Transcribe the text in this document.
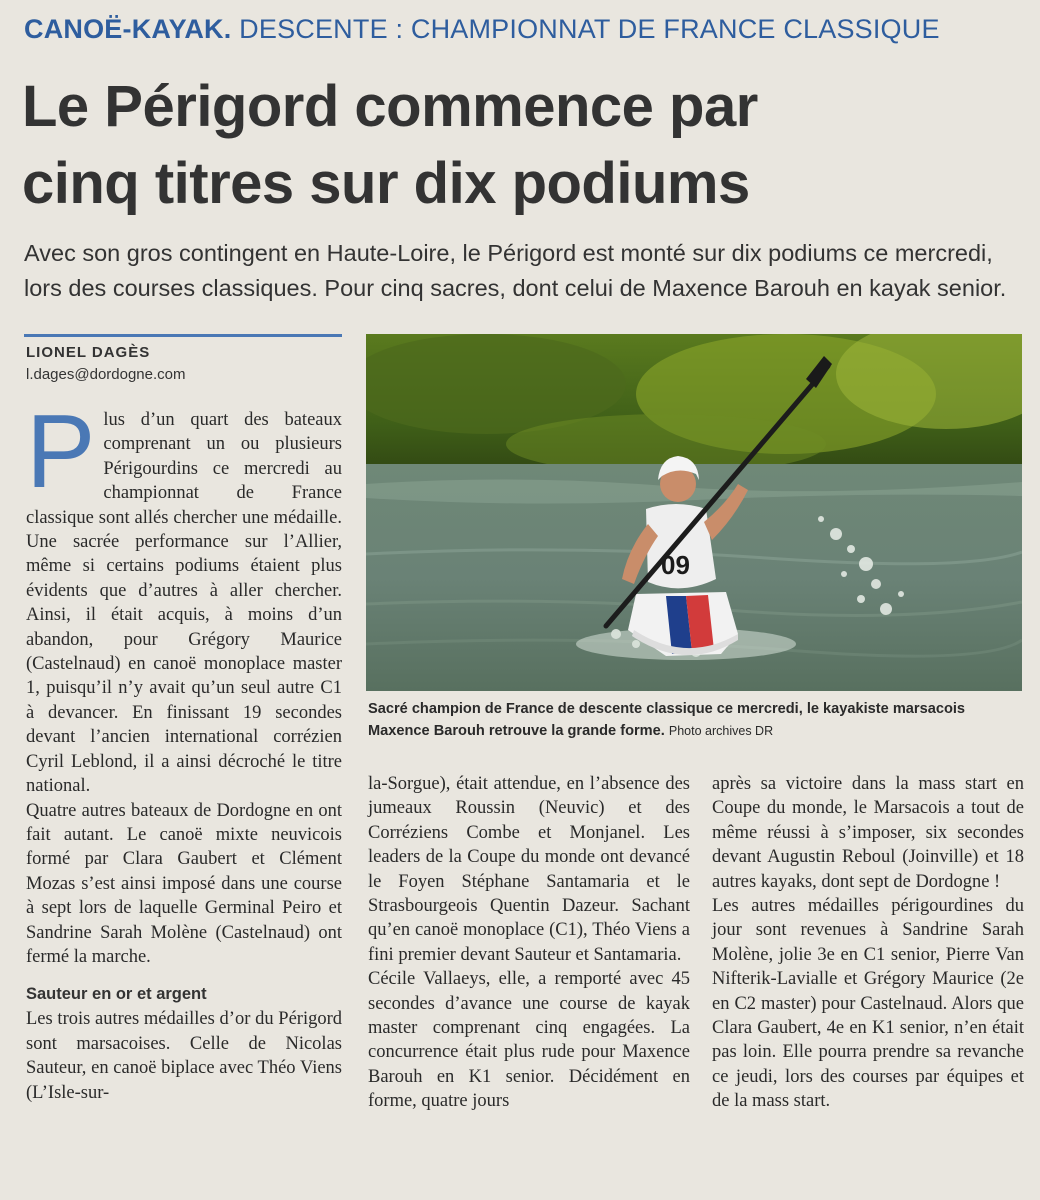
CANOË-KAYAK. DESCENTE : CHAMPIONNAT DE FRANCE CLASSIQUE
Le Périgord commence par
cinq titres sur dix podiums
Avec son gros contingent en Haute-Loire, le Périgord est monté sur dix podiums ce mercredi, lors des courses classiques. Pour cinq sacres, dont celui de Maxence Barouh en kayak senior.
LIONEL DAGÈS
l.dages@dordogne.com
P lus d’un quart des bateaux comprenant un ou plusieurs Périgourdins ce mercredi au championnat de France classique sont allés chercher une médaille. Une sacrée performance sur l’Allier, même si certains podiums étaient plus évidents que d’autres à aller chercher. Ainsi, il était acquis, à moins d’un abandon, pour Grégory Maurice (Castelnaud) en canoë monoplace master 1, puisqu’il n’y avait qu’un seul autre C1 à devancer. En finissant 19 secondes devant l’ancien international corrézien Cyril Leblond, il a ainsi décroché le titre national.

Quatre autres bateaux de Dordogne en ont fait autant. Le canoë mixte neuvicois formé par Clara Gaubert et Clément Mozas s’est ainsi imposé dans une course à sept lors de laquelle Germinal Peiro et Sandrine Sarah Molène (Castelnaud) ont fermé la marche.

Sauteur en or et argent

Les trois autres médailles d’or du Périgord sont marsacoises. Celle de Nicolas Sauteur, en canoë biplace avec Théo Viens (L’Isle-sur-

09
Sacré champion de France de descente classique ce mercredi, le kayakiste marsacois Maxence Barouh retrouve la grande forme. Photo archives DR

la-Sorgue), était attendue, en l’absence des jumeaux Roussin (Neuvic) et des Corréziens Combe et Monjanel. Les leaders de la Coupe du monde ont devancé le Foyen Stéphane Santamaria et le Strasbourgeois Quentin Dazeur. Sachant qu’en canoë monoplace (C1), Théo Viens a fini premier devant Sauteur et Santamaria.

Cécile Vallaeys, elle, a remporté avec 45 secondes d’avance une course de kayak master comprenant cinq engagées. La concurrence était plus rude pour Maxence Barouh en K1 senior. Décidément en forme, quatre jours

après sa victoire dans la mass start en Coupe du monde, le Marsacois a tout de même réussi à s’imposer, six secondes devant Augustin Reboul (Joinville) et 18 autres kayaks, dont sept de Dordogne !

Les autres médailles périgourdines du jour sont revenues à Sandrine Sarah Molène, jolie 3e en C1 senior, Pierre Van Nifterik-Lavialle et Grégory Maurice (2e en C2 master) pour Castelnaud. Alors que Clara Gaubert, 4e en K1 senior, n’en était pas loin. Elle pourra prendre sa revanche ce jeudi, lors des courses par équipes et de la mass start.
